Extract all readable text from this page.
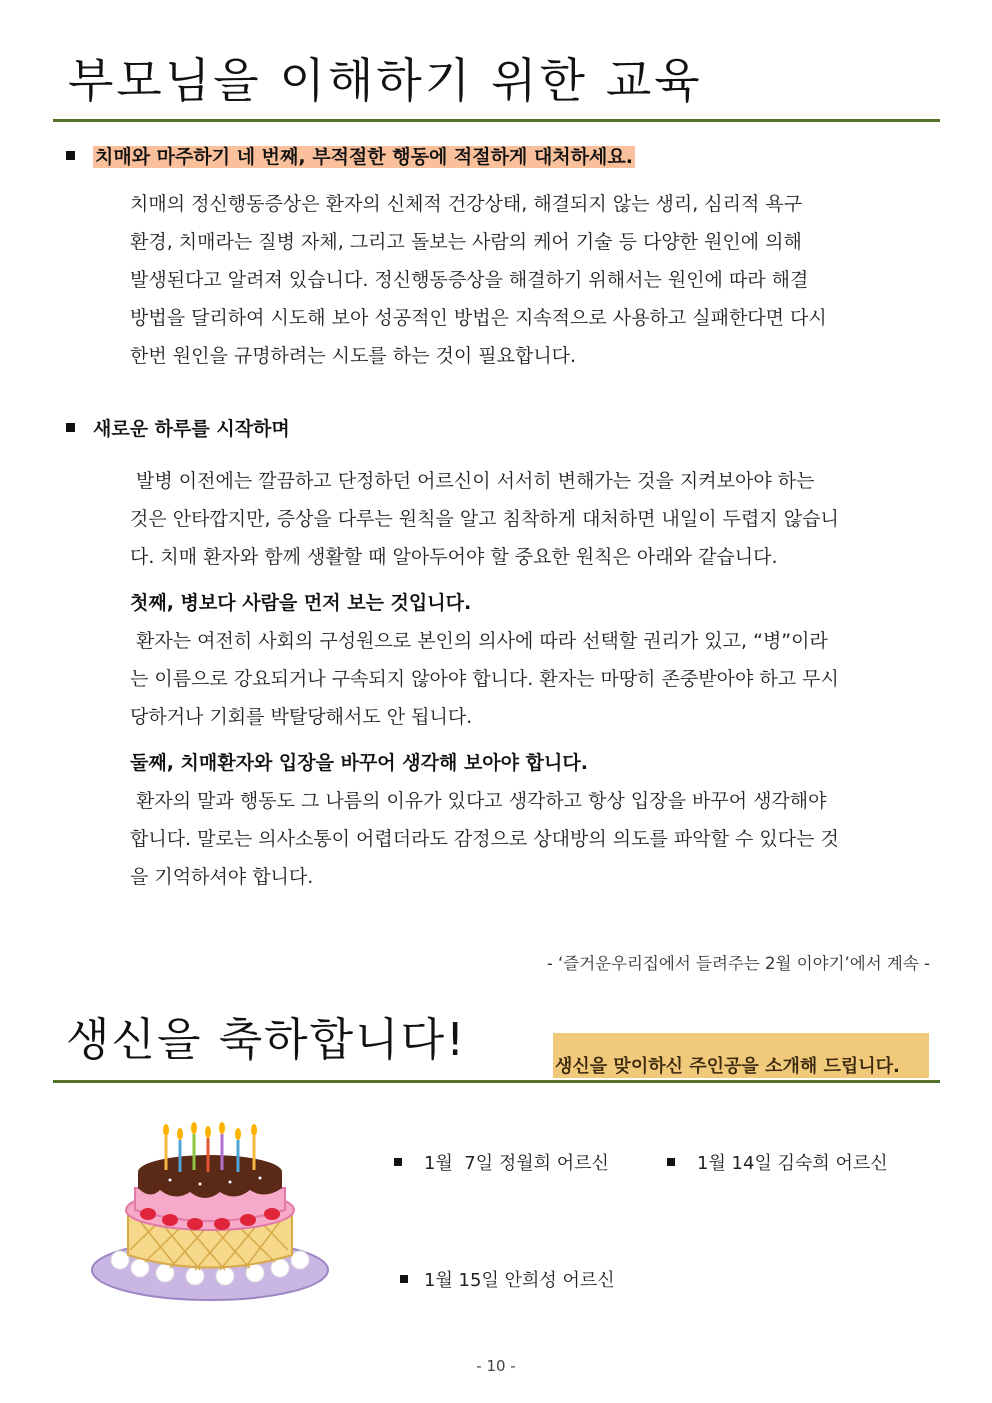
부모님을 이해하기 위한 교육
치매와 마주하기 네 번째, 부적절한 행동에 적절하게 대처하세요.

치매의 정신행동증상은 환자의 신체적 건강상태, 해결되지 않는 생리, 심리적 욕구

환경, 치매라는 질병 자체, 그리고 돌보는 사람의 케어 기술 등 다양한 원인에 의해

발생된다고 알려져 있습니다. 정신행동증상을 해결하기 위해서는 원인에 따라 해결

방법을 달리하여 시도해 보아 성공적인 방법은 지속적으로 사용하고 실패한다면 다시

한번 원인을 규명하려는 시도를 하는 것이 필요합니다.

새로운 하루를 시작하며

발병 이전에는 깔끔하고 단정하던 어르신이 서서히 변해가는 것을 지켜보아야 하는

것은 안타깝지만, 증상을 다루는 원칙을 알고 침착하게 대처하면 내일이 두렵지 않습니

다. 치매 환자와 함께 생활할 때 알아두어야 할 중요한 원칙은 아래와 같습니다.

첫째, 병보다 사람을 먼저 보는 것입니다.

환자는 여전히 사회의 구성원으로 본인의 의사에 따라 선택할 권리가 있고, “병”이라

는 이름으로 강요되거나 구속되지 않아야 합니다. 환자는 마땅히 존중받아야 하고 무시

당하거나 기회를 박탈당해서도 안 됩니다.

둘째, 치매환자와 입장을 바꾸어 생각해 보아야 합니다.

환자의 말과 행동도 그 나름의 이유가 있다고 생각하고 항상 입장을 바꾸어 생각해야

합니다. 말로는 의사소통이 어렵더라도 감정으로 상대방의 의도를 파악할 수 있다는 것

을 기억하셔야 합니다.

- ‘즐거운우리집에서 들려주는 2월 이야기’에서 계속 -
생신을 축하합니다!
생신을 맞이하신 주인공을 소개해 드립니다.
1월  7일 정월희 어르신	1월 14일 김숙희 어르신
1월 15일 안희성 어르신
- 10 -
